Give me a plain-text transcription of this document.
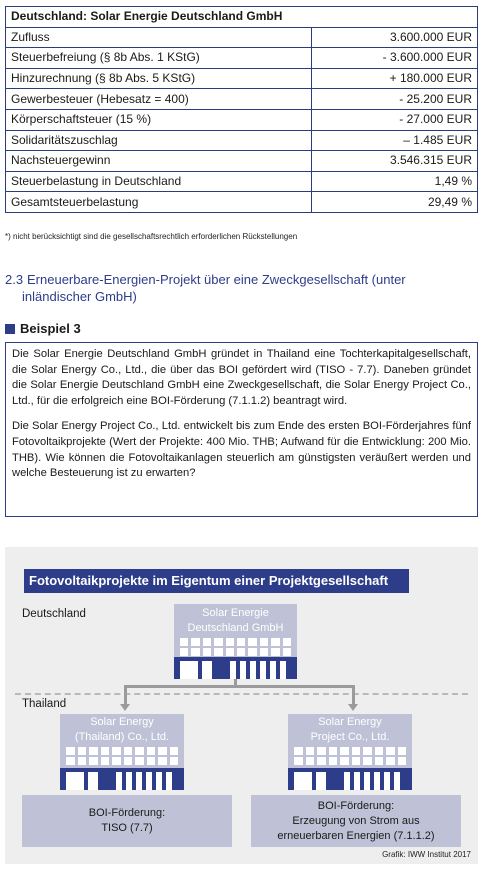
Deutschland: Solar Energie Deutschland GmbH	
Zufluss	3.600.000 EUR
Steuerbefreiung (§ 8b Abs. 1 KStG)	- 3.600.000 EUR
Hinzurechnung (§ 8b Abs. 5 KStG)	+ 180.000 EUR
Gewerbesteuer (Hebesatz = 400)	- 25.200 EUR
Körperschaftsteuer (15 %)	- 27.000 EUR
Solidaritätszuschlag	– 1.485 EUR
Nachsteuergewinn	3.546.315 EUR
Steuerbelastung in Deutschland	1,49 %
Gesamtsteuerbelastung	29,49 %
*) nicht berücksichtigt sind die gesellschaftsrechtlich erforderlichen Rückstellungen
2.3 Erneuerbare-Energien-Projekt über eine Zweckgesellschaft (unter
inländischer GmbH)
Beispiel 3

Die Solar Energie Deutschland GmbH gründet in Thailand eine Tochterkapitalgesellschaft, die Solar Energy Co., Ltd., die über das BOI gefördert wird (TISO - 7.7). Daneben gründet die Solar Energie Deutschland GmbH eine Zweckgesellschaft, die Solar Energy Project Co., Ltd., für die erfolgreich eine BOI-Förderung (7.1.1.2) beantragt wird.

Die Solar Energy Project Co., Ltd. entwickelt bis zum Ende des ersten BOI-Förderjahres fünf Fotovoltaikprojekte (Wert der Projekte: 400 Mio. THB; Aufwand für die Entwicklung: 200 Mio. THB). Wie können die Fotovoltaikanlagen steuerlich am günstigsten veräußert werden und welche Besteuerung ist zu erwarten?

Fotovoltaikprojekte im Eigentum einer Projektgesellschaft
Deutschland
Thailand
Solar Energie
Deutschland GmbH
Solar Energy
(Thailand) Co., Ltd.
Solar Energy
Project Co., Ltd.
BOI-Förderung:
TISO (7.7)
BOI-Förderung:
Erzeugung von Strom aus
erneuerbaren Energien (7.1.1.2)
Grafik: IWW Institut 2017
